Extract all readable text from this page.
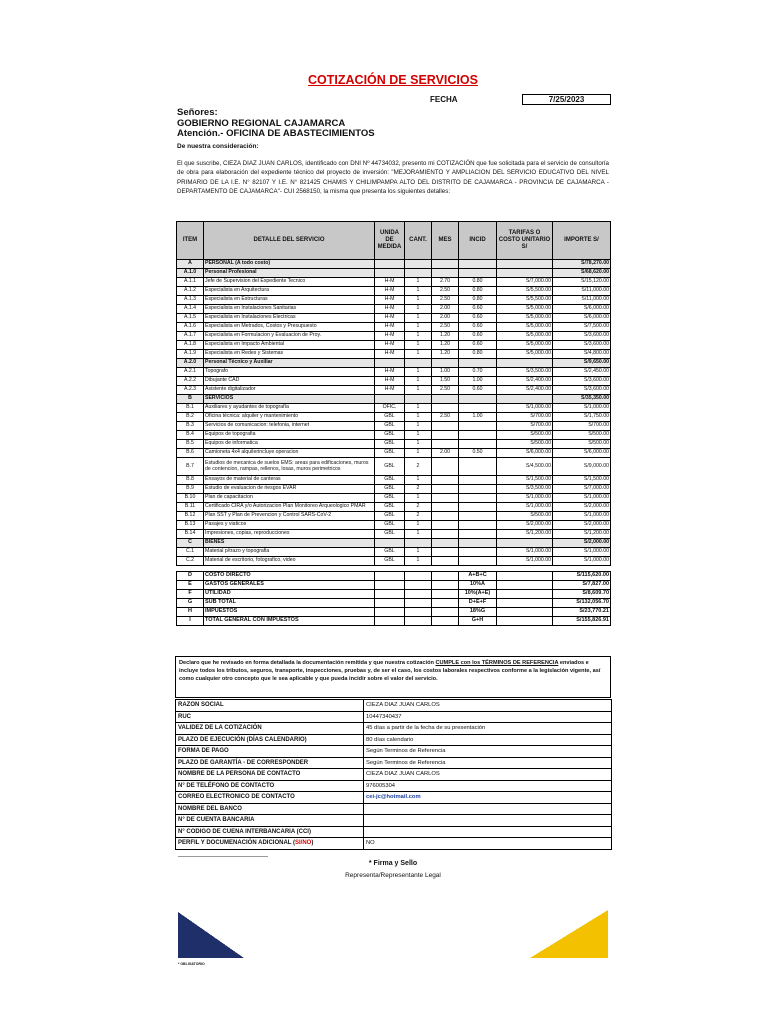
COTIZACIÓN DE SERVICIOS
FECHA	7/25/2023
Señores:
GOBIERNO REGIONAL CAJAMARCA
Atención.- OFICINA DE ABASTECIMIENTOS
De nuestra consideración:
El que suscribe, CIEZA DIAZ JUAN CARLOS, identificado con DNI Nº 44734032, presento mi COTIZACIÓN que fue solicitada para el servicio de consultoría de obra para elaboración del expediente técnico del proyecto de inversión: "MEJORAMIENTO Y AMPLIACION DEL SERVICIO EDUCATIVO DEL NIVEL PRIMARIO DE LA I.E. N° 82107 Y I.E. N° 821425 CHAMIS Y CHILIMPAMPA ALTO DEL DISTRITO DE CAJAMARCA - PROVINCIA DE CAJAMARCA - DEPARTAMENTO DE CAJAMARCA"- CUI 2568150, la misma que presenta los siguientes detalles:
ITEM	DETALLE DEL SERVICIO	UNIDA DE MEDIDA	CANT.	MES	INCID	TARIFAS O COSTO UNITARIO S/	IMPORTE S/
A	PERSONAL (A todo costo)						S/78,270.00
A.1.0	Personal Profesional						S/68,620.00
A.1.1	Jefe de Supervision del Expediente Tecnico	H-M	1	2.70	0.80	S/7,000.00	S/15,120.00
A.1.2	Especialista en Arquitectura	H-M	1	2.50	0.80	S/5,500.00	S/11,000.00
A.1.3	Especialista en Estructuras	H-M	1	2.50	0.80	S/5,500.00	S/11,000.00
A.1.4	Especialista en Instalaciones Sanitarias	H-M	1	2.00	0.60	S/5,000.00	S/6,000.00
A.1.5	Especialista en Instalaciones Electricas	H-M	1	2.00	0.60	S/5,000.00	S/6,000.00
A.1.6	Especialista en Metrados, Costos y Presupuesto	H-M	1	2.50	0.60	S/5,000.00	S/7,500.00
A.1.7	Especialista en Formulacion y Evaluacion de Proy.	H-M	1	1.20	0.60	S/5,000.00	S/3,600.00
A.1.8	Especialista en Impacto Ambiental	H-M	1	1.20	0.60	S/5,000.00	S/3,600.00
A.1.9	Especialista en Redes y Sistemas	H-M	1	1.20	0.80	S/5,000.00	S/4,800.00
A.2.0	Personal Técnico y Auxiliar						S/9,650.00
A.2.1	Topografo	H-M	1	1.00	0.70	S/3,500.00	S/2,450.00
A.2.2	Dibujante CAD	H-M	1	1.50	1.00	S/2,400.00	S/3,600.00
A.2.3	Asistente digitalizador	H-M	1	2.50	0.60	S/2,400.00	S/3,600.00
B	SERVICIOS						S/35,350.00
B.1	Auxiliares y ayudantes de topografía	OFIC.	1			S/1,000.00	S/1,000.00
B.2	Oficina técnica: alquiler y mantenimiento	GBL	1	2.50	1.00	S/700.00	S/1,750.00
B.3	Servicios de comunicacion: telefonia, internet	GBL	1			S/700.00	S/700.00
B.4	Equipos de topografia	GBL	1			S/500.00	S/500.00
B.5	Equipos de informatica	GBL	1			S/500.00	S/500.00
B.6	Camioneta 4x4 alquilerincluye operacion	GBL	1	2.00	0.50	S/6,000.00	S/6,000.00
B.7	Estudios de mecanica de suelos EMS: areas para edificaciones, muros de contencion, rampas, rellenos, losas, muros perimetricos	GBL	2			S/4,500.00	S/9,000.00
B.8	Ensayos de material de canteras	GBL	1			S/1,500.00	S/1,500.00
B.9	Estudio de evaluacion de riesgos EVAR	GBL	2			S/3,500.00	S/7,000.00
B.10	Plan de capacitacion	GBL	1			S/1,000.00	S/1,000.00
B.11	Certificado CIRA y/o Autorizacion Plan Monitoreo Arqueologico PMAR	GBL	2			S/1,000.00	S/2,000.00
B.12	Plan SST y Plan de Prevencion y Control SARS-CoV-2	GBL	2			S/500.00	S/1,000.00
B.13	Pasajes y viaticos	GBL	1			S/2,000.00	S/2,000.00
B.14	Impresiones, copias, reproducciones	GBL	1			S/1,200.00	S/1,200.00
C	BIENES						S/2,000.00
C.1	Material p/trazo y topografia	GBL	1			S/1,000.00	S/1,000.00
C.2	Material de escritorio, fotografico, video	GBL	1			S/1,000.00	S/1,000.00

D	COSTO DIRECTO				A+B+C		S/115,620.00
E	GASTOS GENERALES				10%A		S/7,827.00
F	UTILIDAD				10%(A+E)		S/8,609.70
G	SUB TOTAL				D+E+F		S/132,056.70
H	IMPUESTOS				18%G		S/23,770.21
I	TOTAL GENERAL CON IMPUESTOS				G+H		S/155,826.91
Declaro que he revisado en forma detallada la documentación remitida y que nuestra cotización CUMPLE con los TÉRMINOS DE REFERENCIA enviados e incluye todos los tributos, seguros, transporte, inspecciones, pruebas y, de ser el caso, los costos laborales respectivos conforme a la legislación vigente, así como cualquier otro concepto que le sea aplicable y que pueda incidir sobre el valor del servicio.
RAZON SOCIAL	CIEZA DIAZ JUAN CARLOS
RUC	10447340437
VALIDEZ DE LA COTIZACIÓN	45 días a partir de la fecha de su presentación
PLAZO DE EJECUCIÓN (DÍAS CALENDARIO)	80 días calendario
FORMA DE PAGO	Según Terminos de Referencia
PLAZO DE GARANTÍA - DE CORRESPONDER	Según Terminos de Referencia
NOMBRE DE LA PERSONA DE CONTACTO	CIEZA DIAZ JUAN CARLOS
N° DE TELÉFONO DE CONTACTO	976005304
CORREO ELECTRONICO DE CONTACTO	cei-jc@hotmail.com
NOMBRE DEL BANCO	
N° DE CUENTA BANCARIA	
N° CODIGO DE CUENA INTERBANCARIA (CCI)	
PERFIL Y DOCUMENACIÓN ADICIONAL (SI/NO)	NO
* Firma y Sello
Representa/Representante Legal
* OBLIGATORIO
